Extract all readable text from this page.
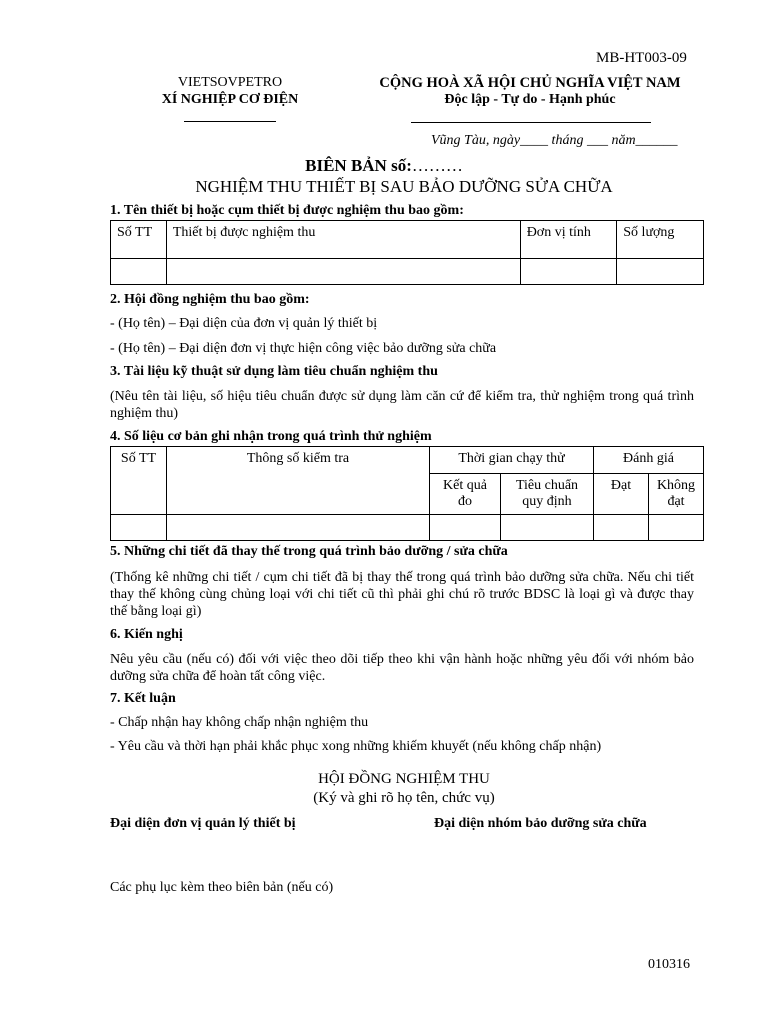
MB-HT003-09
VIETSOVPETRO
XÍ NGHIỆP CƠ ĐIỆN
CỘNG HOÀ XÃ HỘI CHỦ NGHĨA VIỆT NAM
Độc lập - Tự do - Hạnh phúc
Vũng Tàu, ngày____ tháng ___ năm______
BIÊN BẢN số:………
NGHIỆM THU THIẾT BỊ SAU BẢO DƯỠNG SỬA CHỮA
1. Tên thiết bị hoặc cụm thiết bị được nghiệm thu bao gồm:
Số TT	Thiết bị được nghiệm thu	Đơn vị tính	Số lượng

2. Hội đồng nghiệm thu bao gồm:
- (Họ tên) – Đại diện của đơn vị quản lý thiết bị
- (Họ tên) – Đại diện đơn vị thực hiện công việc bảo dưỡng sửa chữa
3. Tài liệu kỹ thuật sử dụng làm tiêu chuẩn nghiệm thu

(Nêu tên tài liệu, số hiệu tiêu chuẩn được sử dụng làm căn cứ để kiểm tra, thử nghiệm trong quá trình nghiệm thu)

4. Số liệu cơ bản ghi nhận trong quá trình thử nghiệm
Số TT	Thông số kiểm tra	Thời gian chạy thử		Đánh giá	
		Kết quả đo	Tiêu chuẩn quy định	Đạt	Không đạt

5. Những chi tiết đã thay thế trong quá trình bảo dưỡng / sửa chữa

(Thống kê những chi tiết / cụm chi tiết đã bị thay thế trong quá trình bảo dưỡng sửa chữa. Nếu chi tiết thay thế không cùng chủng loại với chi tiết cũ thì phải ghi chú rõ trước BDSC là loại gì và được thay thế bằng loại gì)

6. Kiến nghị

Nêu yêu cầu (nếu có) đối với việc theo dõi tiếp theo khi vận hành hoặc những yêu đối với nhóm bảo dưỡng sửa chữa để hoàn tất công việc.

7. Kết luận
- Chấp nhận hay không chấp nhận nghiệm thu
- Yêu cầu và thời hạn phải khắc phục xong những khiếm khuyết (nếu không chấp nhận)
HỘI ĐỒNG NGHIỆM THU
(Ký và ghi rõ họ tên, chức vụ)
Đại diện đơn vị quản lý thiết bị	Đại diện nhóm bảo dưỡng sửa chữa
Các phụ lục kèm theo biên bản (nếu có)
010316
